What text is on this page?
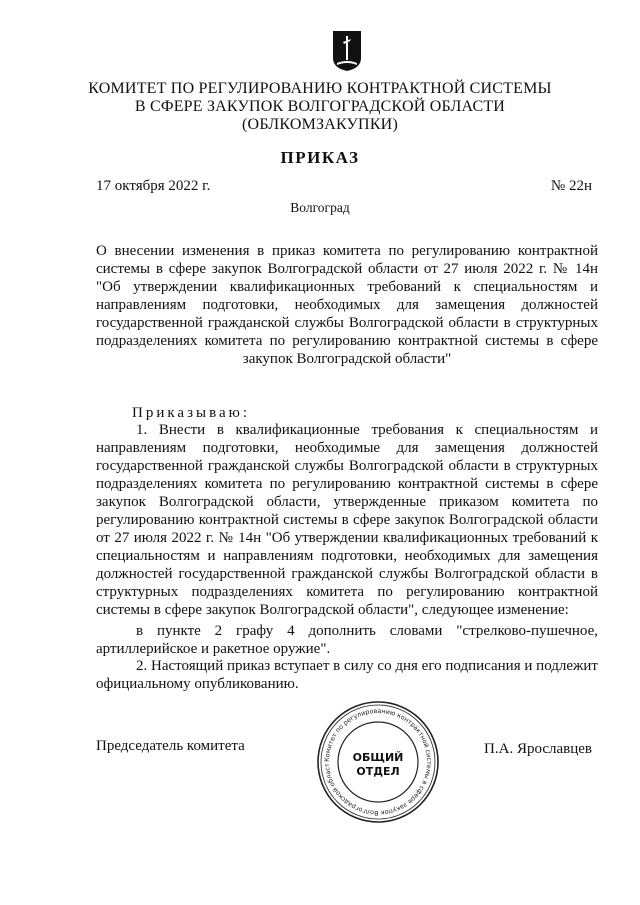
КОМИТЕТ ПО РЕГУЛИРОВАНИЮ КОНТРАКТНОЙ СИСТЕМЫ
В СФЕРЕ ЗАКУПОК ВОЛГОГРАДСКОЙ ОБЛАСТИ
(ОБЛКОМЗАКУПКИ)
ПРИКАЗ
17 октября 2022 г.	№ 22н
Волгоград
О внесении изменения в приказ комитета по регулированию контрактной системы в сфере закупок Волгоградской области от 27 июля 2022 г. № 14н "Об утверждении квалификационных требований к специальностям и направлениям подготовки, необходимых для замещения должностей государственной гражданской службы Волгоградской области в структурных подразделениях комитета по регулированию контрактной системы в сфере закупок Волгоградской области"
Приказываю:
1. Внести в квалификационные требования к специальностям и направлениям подготовки, необходимые для замещения должностей государственной гражданской службы Волгоградской области в структурных подразделениях комитета по регулированию контрактной системы в сфере закупок Волгоградской области, утвержденные приказом комитета по регулированию контрактной системы в сфере закупок Волгоградской области от 27 июля 2022 г. № 14н "Об утверждении квалификационных требований к специальностям и направлениям подготовки, необходимых для замещения должностей государственной гражданской службы Волгоградской области в структурных подразделениях комитета по регулированию контрактной системы в сфере закупок Волгоградской области", следующее изменение:
в пункте 2 графу 4 дополнить словами "стрелково-пушечное, артиллерийское и ракетное оружие".
2. Настоящий приказ вступает в силу со дня его подписания и подлежит официальному опубликованию.
Председатель комитета	П.А. Ярославцев
Комитет по регулированию контрактной системы в сфере закупок Волгоградской област
ОБЩИЙ
ОТДЕЛ
